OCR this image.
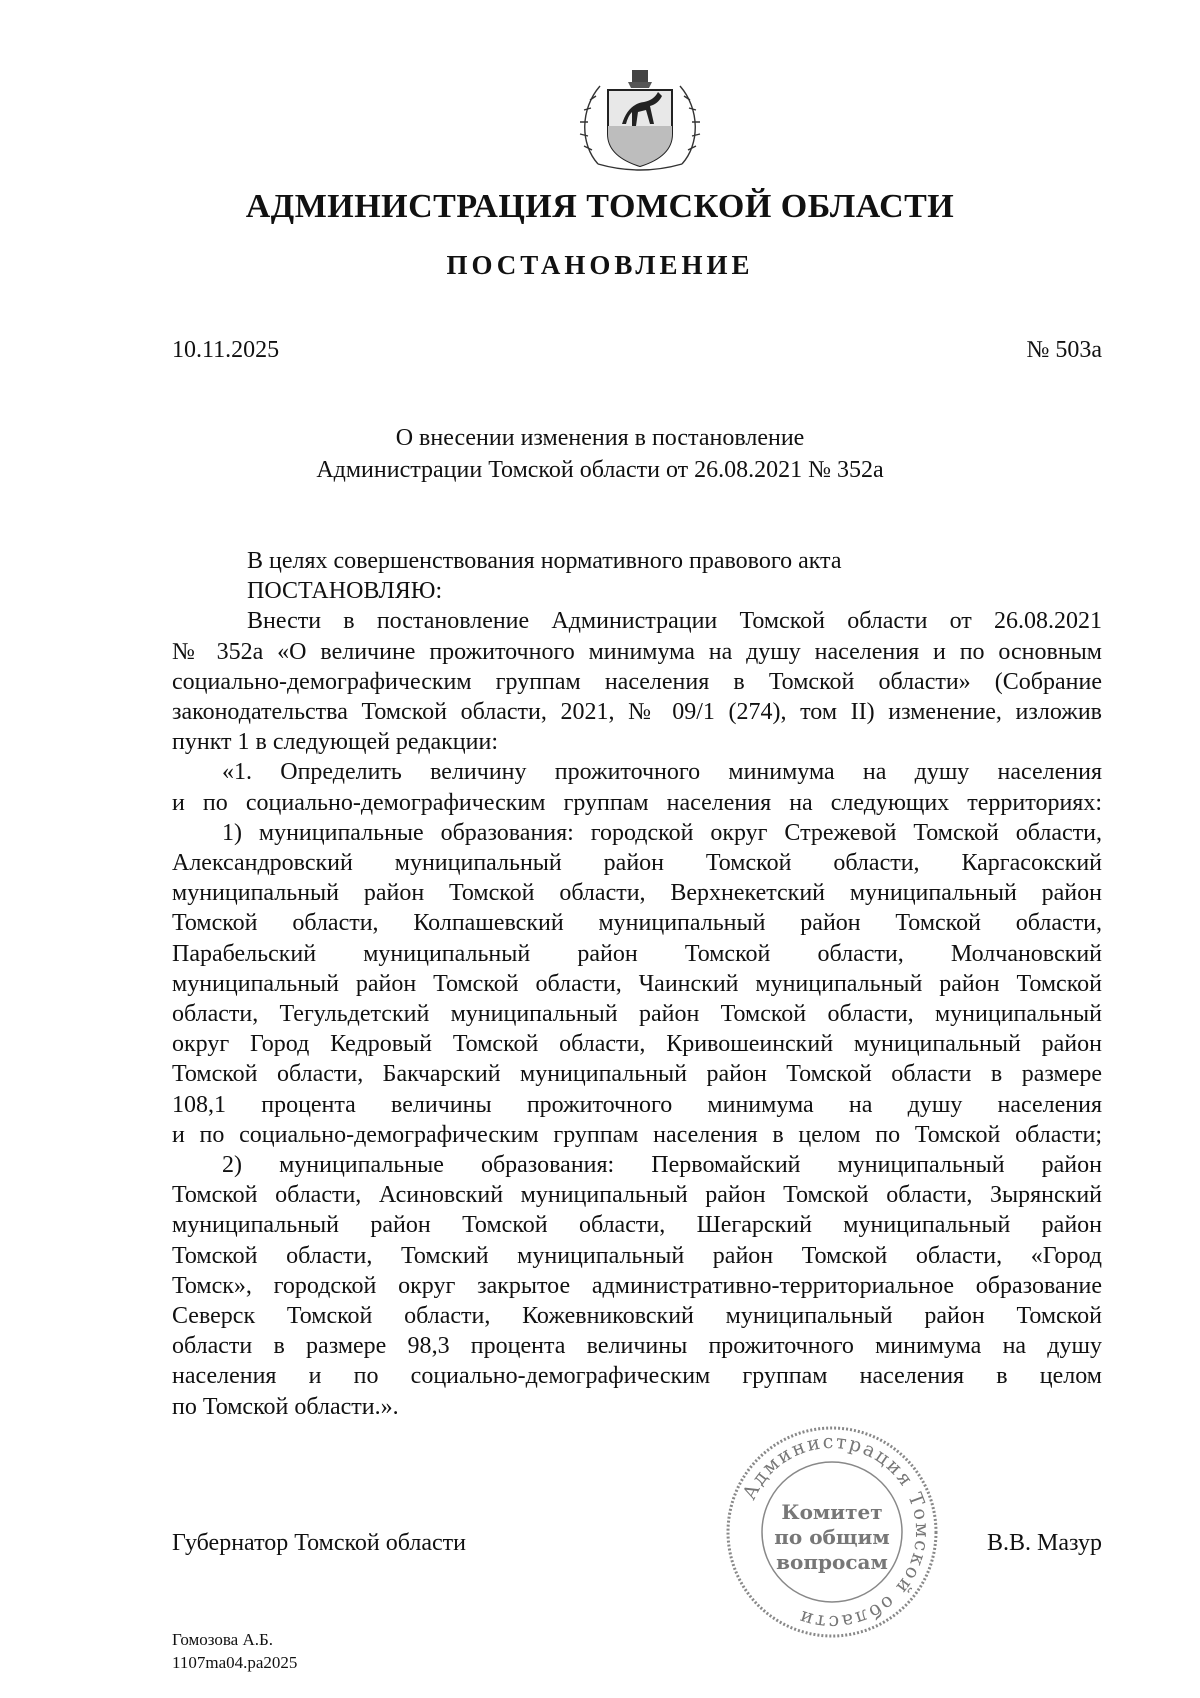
АДМИНИСТРАЦИЯ ТОМСКОЙ ОБЛАСТИ
ПОСТАНОВЛЕНИЕ
10.11.2025	№ 503а
О внесении изменения в постановление
Администрации Томской области от 26.08.2021 № 352а
В целях совершенствования нормативного правового акта
ПОСТАНОВЛЯЮ:
Внести в постановление Администрации Томской области от 26.08.2021
№ 352а «О величине прожиточного минимума на душу населения и по основным
социально-демографическим группам населения в Томской области» (Собрание
законодательства Томской области, 2021, № 09/1 (274), том II) изменение, изложив
пункт 1 в следующей редакции:
«1. Определить величину прожиточного минимума на душу населения
и по социально-демографическим группам населения на следующих территориях:
1) муниципальные образования: городской округ Стрежевой Томской области,
Александровский муниципальный район Томской области, Каргасокский
муниципальный район Томской области, Верхнекетский муниципальный район
Томской области, Колпашевский муниципальный район Томской области,
Парабельский муниципальный район Томской области, Молчановский
муниципальный район Томской области, Чаинский муниципальный район Томской
области, Тегульдетский муниципальный район Томской области, муниципальный
округ Город Кедровый Томской области, Кривошеинский муниципальный район
Томской области, Бакчарский муниципальный район Томской области в размере
108,1 процента величины прожиточного минимума на душу населения
и по социально-демографическим группам населения в целом по Томской области;
2) муниципальные образования: Первомайский муниципальный район
Томской области, Асиновский муниципальный район Томской области, Зырянский
муниципальный район Томской области, Шегарский муниципальный район
Томской области, Томский муниципальный район Томской области, «Город
Томск», городской округ закрытое административно-территориальное образование
Северск Томской области, Кожевниковский муниципальный район Томской
области в размере 98,3 процента величины прожиточного минимума на душу
населения и по социально-демографическим группам населения в целом
по Томской области.».
Губернатор Томской области	В.В. Мазур
Администрация Томской области
Комитет
по общим
вопросам
Гомозова А.Б.
1107ma04.pa2025
